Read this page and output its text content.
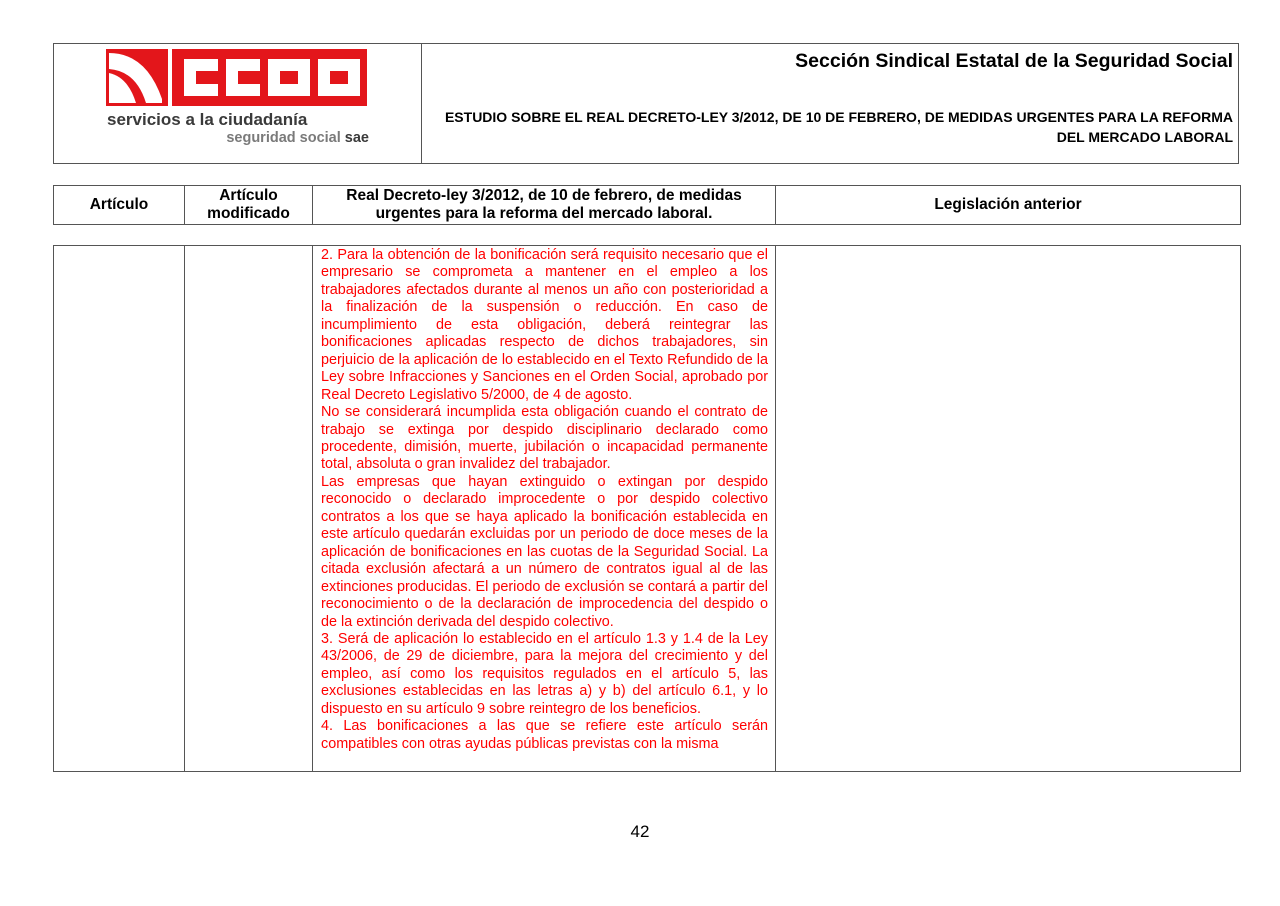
servicios a la ciudadanía
seguridad social sae
Sección Sindical Estatal de la Seguridad Social
ESTUDIO SOBRE EL REAL DECRETO-LEY 3/2012, DE 10 DE FEBRERO, DE MEDIDAS URGENTES PARA LA REFORMA DEL MERCADO LABORAL
Artículo	Artículo modificado	Real Decreto-ley 3/2012, de 10 de febrero, de medidas urgentes para la reforma del mercado laboral.	Legislación anterior

2. Para la obtención de la bonificación será requisito necesario que el empresario se comprometa a mantener en el empleo a los trabajadores afectados durante al menos un año con posterioridad a la finalización de la suspensión o reducción. En caso de incumplimiento de esta obligación, deberá reintegrar las bonificaciones aplicadas respecto de dichos trabajadores, sin perjuicio de la aplicación de lo establecido en el Texto Refundido de la Ley sobre Infracciones y Sanciones en el Orden Social, aprobado por Real Decreto Legislativo 5/2000, de 4 de agosto.

No se considerará incumplida esta obligación cuando el contrato de trabajo se extinga por despido disciplinario declarado como procedente, dimisión, muerte, jubilación o incapacidad permanente total, absoluta o gran invalidez del trabajador.

Las empresas que hayan extinguido o extingan por despido reconocido o declarado improcedente o por despido colectivo contratos a los que se haya aplicado la bonificación establecida en este artículo quedarán excluidas por un periodo de doce meses de la aplicación de bonificaciones en las cuotas de la Seguridad Social. La citada exclusión afectará a un número de contratos igual al de las extinciones producidas. El periodo de exclusión se contará a partir del reconocimiento o de la declaración de improcedencia del despido o de la extinción derivada del despido colectivo.

3. Será de aplicación lo establecido en el artículo 1.3 y 1.4 de la Ley 43/2006, de 29 de diciembre, para la mejora del crecimiento y del empleo, así como los requisitos regulados en el artículo 5, las exclusiones establecidas en las letras a) y b) del artículo 6.1, y lo dispuesto en su artículo 9 sobre reintegro de los beneficios.

4. Las bonificaciones a las que se refiere este artículo serán compatibles con otras ayudas públicas previstas con la misma

42
